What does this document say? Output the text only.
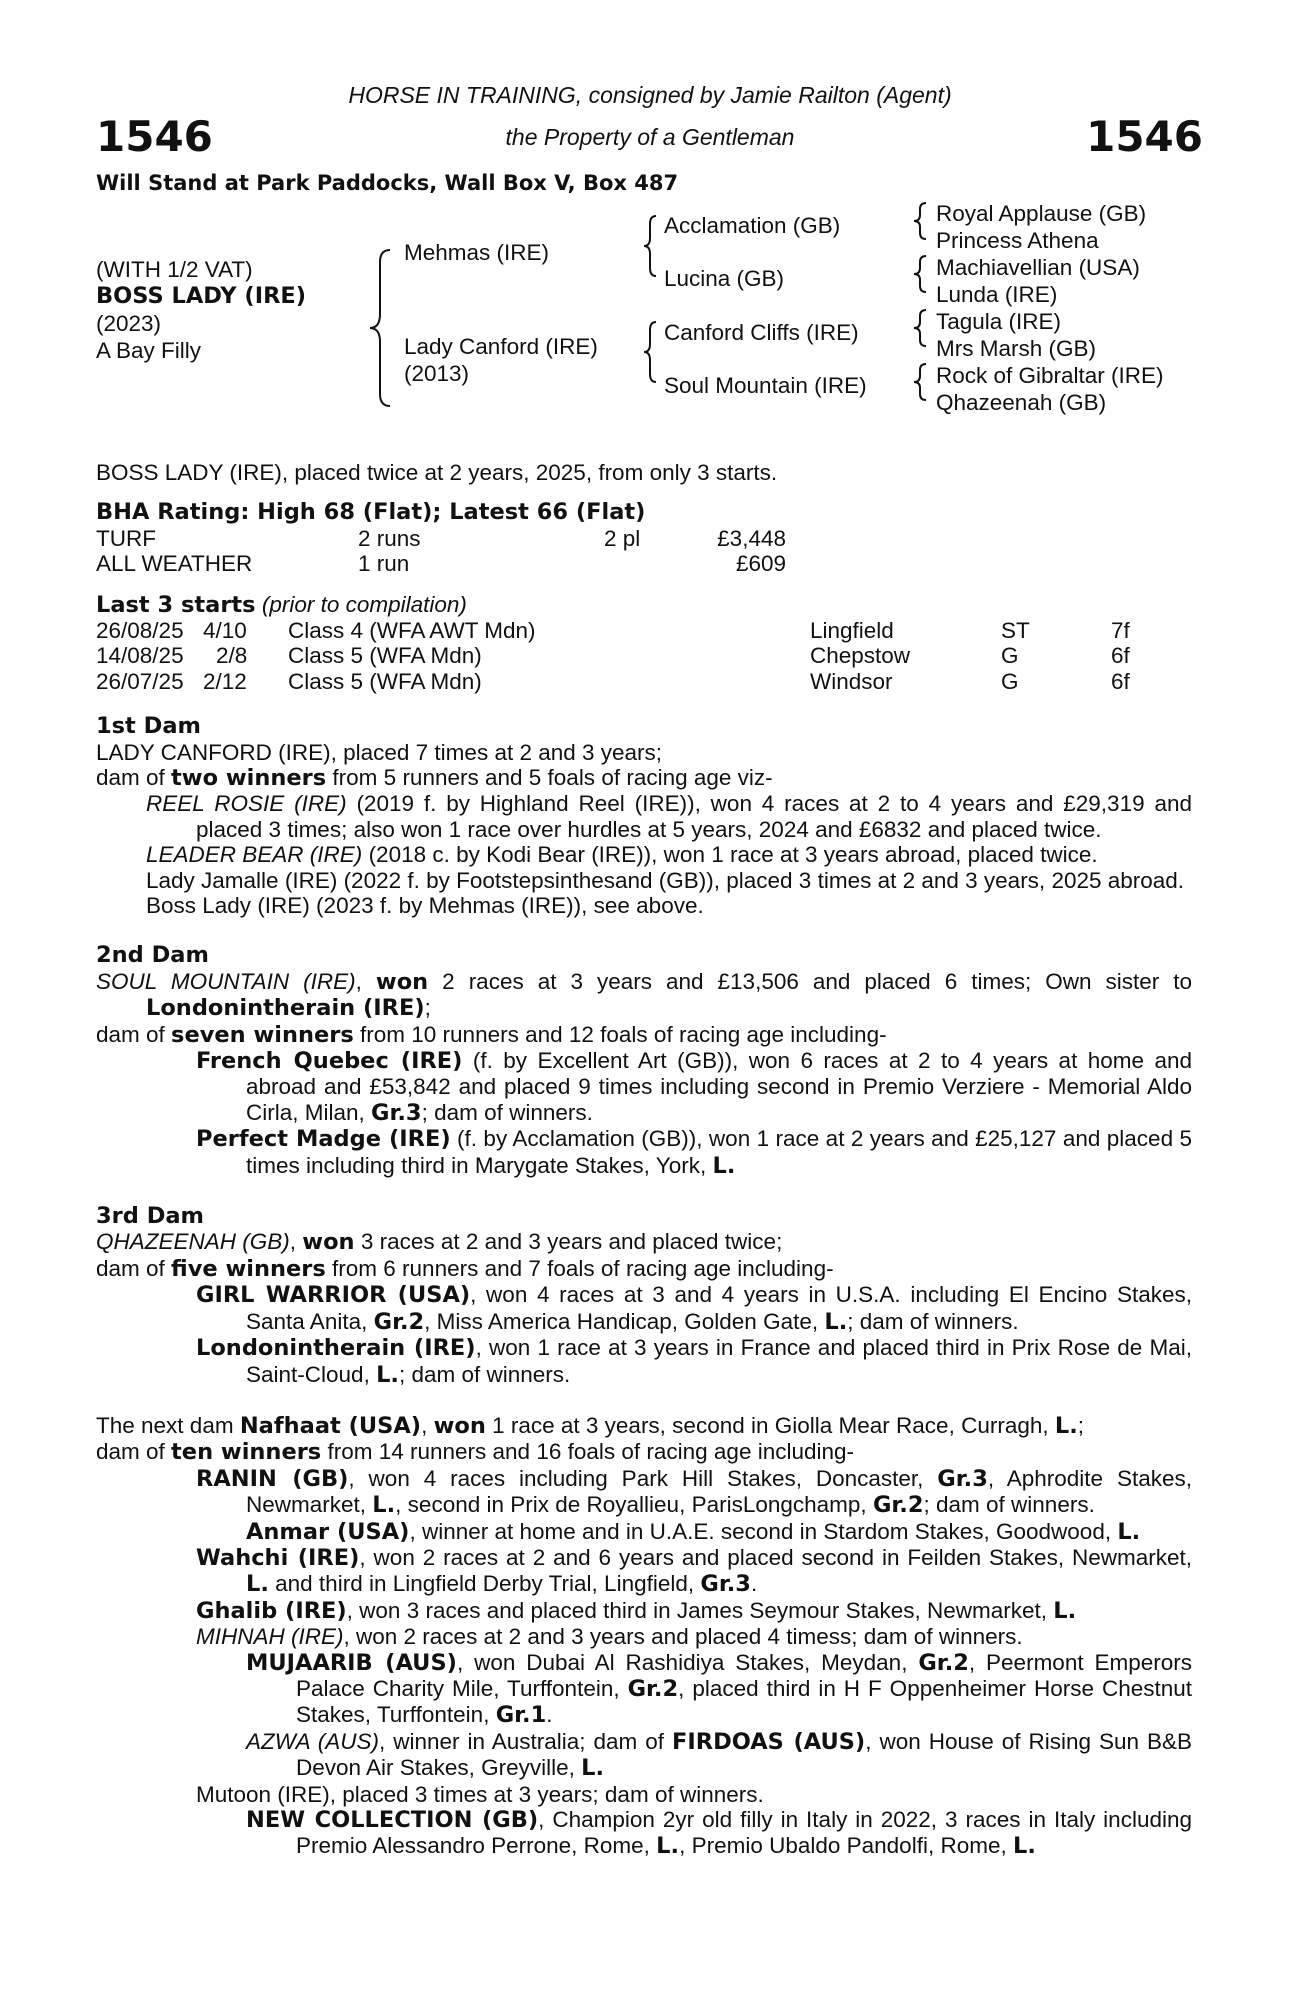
1546	1546
HORSE IN TRAINING, consigned by Jamie Railton (Agent)
the Property of a Gentleman
Will Stand at Park Paddocks, Wall Box V, Box 487
(WITH 1/2 VAT)
BOSS LADY (IRE)
(2023)
A Bay Filly
Mehmas (IRE)
Lady Canford (IRE)
(2013)
Acclamation (GB)
Lucina (GB)
Canford Cliffs (IRE)
Soul Mountain (IRE)
Royal Applause (GB)
Princess Athena
Machiavellian (USA)
Lunda (IRE)
Tagula (IRE)
Mrs Marsh (GB)
Rock of Gibraltar (IRE)
Qhazeenah (GB)
BOSS LADY (IRE), placed twice at 2 years, 2025, from only 3 starts.
BHA Rating: High 68 (Flat); Latest 66 (Flat)
TURF	2 runs	2 pl	£3,448
ALL WEATHER	1 run	£609
Last 3 starts (prior to compilation)
26/08/25 4/10 Class 4 (WFA AWT Mdn)	Lingfield	ST	7f
14/08/25 2/8 Class 5 (WFA Mdn)	Chepstow	G	6f
26/07/25 2/12 Class 5 (WFA Mdn)	Windsor	G	6f
1st Dam
LADY CANFORD (IRE), placed 7 times at 2 and 3 years;
dam of two winners from 5 runners and 5 foals of racing age viz-
REEL ROSIE (IRE) (2019 f. by Highland Reel (IRE)), won 4 races at 2 to 4 years and £29,319 and placed 3 times; also won 1 race over hurdles at 5 years, 2024 and £6832 and placed twice.
LEADER BEAR (IRE) (2018 c. by Kodi Bear (IRE)), won 1 race at 3 years abroad, placed twice.
Lady Jamalle (IRE) (2022 f. by Footstepsinthesand (GB)), placed 3 times at 2 and 3 years, 2025 abroad.
Boss Lady (IRE) (2023 f. by Mehmas (IRE)), see above.
2nd Dam
SOUL MOUNTAIN (IRE), won 2 races at 3 years and £13,506 and placed 6 times; Own sister to Londonintherain (IRE);
dam of seven winners from 10 runners and 12 foals of racing age including-
French Quebec (IRE) (f. by Excellent Art (GB)), won 6 races at 2 to 4 years at home and abroad and £53,842 and placed 9 times including second in Premio Verziere - Memorial Aldo Cirla, Milan, Gr.3; dam of winners.
Perfect Madge (IRE) (f. by Acclamation (GB)), won 1 race at 2 years and £25,127 and placed 5 times including third in Marygate Stakes, York, L.
3rd Dam
QHAZEENAH (GB), won 3 races at 2 and 3 years and placed twice;
dam of five winners from 6 runners and 7 foals of racing age including-
GIRL WARRIOR (USA), won 4 races at 3 and 4 years in U.S.A. including El Encino Stakes, Santa Anita, Gr.2, Miss America Handicap, Golden Gate, L.; dam of winners.
Londonintherain (IRE), won 1 race at 3 years in France and placed third in Prix Rose de Mai, Saint-Cloud, L.; dam of winners.
The next dam Nafhaat (USA), won 1 race at 3 years, second in Giolla Mear Race, Curragh, L.;
dam of ten winners from 14 runners and 16 foals of racing age including-
RANIN (GB), won 4 races including Park Hill Stakes, Doncaster, Gr.3, Aphrodite Stakes, Newmarket, L., second in Prix de Royallieu, ParisLongchamp, Gr.2; dam of winners.
Anmar (USA), winner at home and in U.A.E. second in Stardom Stakes, Goodwood, L.
Wahchi (IRE), won 2 races at 2 and 6 years and placed second in Feilden Stakes, Newmarket, L. and third in Lingfield Derby Trial, Lingfield, Gr.3.
Ghalib (IRE), won 3 races and placed third in James Seymour Stakes, Newmarket, L.
MIHNAH (IRE), won 2 races at 2 and 3 years and placed 4 timess; dam of winners.
MUJAARIB (AUS), won Dubai Al Rashidiya Stakes, Meydan, Gr.2, Peermont Emperors Palace Charity Mile, Turffontein, Gr.2, placed third in H F Oppenheimer Horse Chestnut Stakes, Turffontein, Gr.1.
AZWA (AUS), winner in Australia; dam of FIRDOAS (AUS), won House of Rising Sun B&B Devon Air Stakes, Greyville, L.
Mutoon (IRE), placed 3 times at 3 years; dam of winners.
NEW COLLECTION (GB), Champion 2yr old filly in Italy in 2022, 3 races in Italy including Premio Alessandro Perrone, Rome, L., Premio Ubaldo Pandolfi, Rome, L.
